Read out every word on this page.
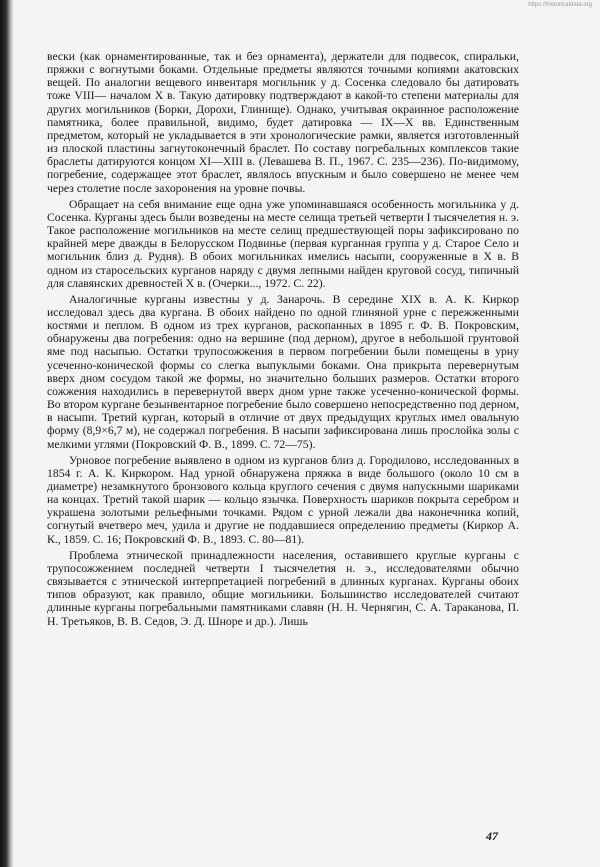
https://historicaldata.org

вески (как орнаментированные, так и без орнамента), держатели для подвесок, спиральки, пряжки с вогнутыми боками. Отдельные предметы являются точными копиями акатовских вещей. По аналогии вещевого инвентаря могильник у д. Сосенка следовало бы датировать тоже VIII— началом X в. Такую датировку подтверждают в какой-то степени материалы для других могильников (Борки, Дорохи, Глинище). Однако, учитывая окраинное расположение памятника, более правильной, видимо, будет датировка — IX—X вв. Единственным предметом, который не укладывается в эти хронологические рамки, является изготовленный из плоской пластины загнутоконечный браслет. По составу погребальных комплексов такие браслеты датируются концом XI—XIII в. (Левашева В. П., 1967. С. 235—236). По-видимому, погребение, содержащее этот браслет, являлось впускным и было совершено не менее чем через столетие после захоронения на уровне почвы.

Обращает на себя внимание еще одна уже упоминавшаяся особенность могильника у д. Сосенка. Курганы здесь были возведены на месте селища третьей четверти I тысячелетия н. э. Такое расположение могильников на месте селищ предшествующей поры зафиксировано по крайней мере дважды в Белорусском Подвинье (первая курганная группа у д. Старое Село и могильник близ д. Рудня). В обоих могильниках имелись насыпи, сооруженные в X в. В одном из старосельских курганов наряду с двумя лепными найден круговой сосуд, типичный для славянских древностей X в. (Очерки..., 1972. С. 22).

Аналогичные курганы известны у д. Занарочь. В середине XIX в. А. К. Киркор исследовал здесь два кургана. В обоих найдено по одной глиняной урне с пережженными костями и пеплом. В одном из трех курганов, раскопанных в 1895 г. Ф. В. Покровским, обнаружены два погребения: одно на вершине (под дерном), другое в небольшой грунтовой яме под насыпью. Остатки трупосожжения в первом погребении были помещены в урну усеченно-конической формы со слегка выпуклыми боками. Она прикрыта перевернутым вверх дном сосудом такой же формы, но значительно больших размеров. Остатки второго сожжения находились в перевернутой вверх дном урне также усеченно-конической формы. Во втором кургане безынвентарное погребение было совершено непосредственно под дерном, в насыпи. Третий курган, который в отличие от двух предыдущих круглых имел овальную форму (8,9×6,7 м), не содержал погребения. В насыпи зафиксирована лишь прослойка золы с мелкими углями (Покровский Ф. В., 1899. С. 72—75).

Урновое погребение выявлено в одном из курганов близ д. Городилово, исследованных в 1854 г. А. К. Киркором. Над урной обнаружена пряжка в виде большого (около 10 см в диаметре) незамкнутого бронзового кольца круглого сечения с двумя напускными шариками на концах. Третий такой шарик — кольцо язычка. Поверхность шариков покрыта серебром и украшена золотыми рельефными точками. Рядом с урной лежали два наконечника копий, согнутый вчетверо меч, удила и другие не поддавшиеся определению предметы (Киркор А. К., 1859. С. 16; Покровский Ф. В., 1893. С. 80—81).

Проблема этнической принадлежности населения, оставившего круглые курганы с трупосожжением последней четверти I тысячелетия н. э., исследователями обычно связывается с этнической интерпретацией погребений в длинных курганах. Курганы обоих типов образуют, как правило, общие могильники. Большинство исследователей считают длинные курганы погребальными памятниками славян (Н. Н. Чернягин, С. А. Тараканова, П. Н. Третьяков, В. В. Седов, Э. Д. Шноре и др.). Лишь

47
